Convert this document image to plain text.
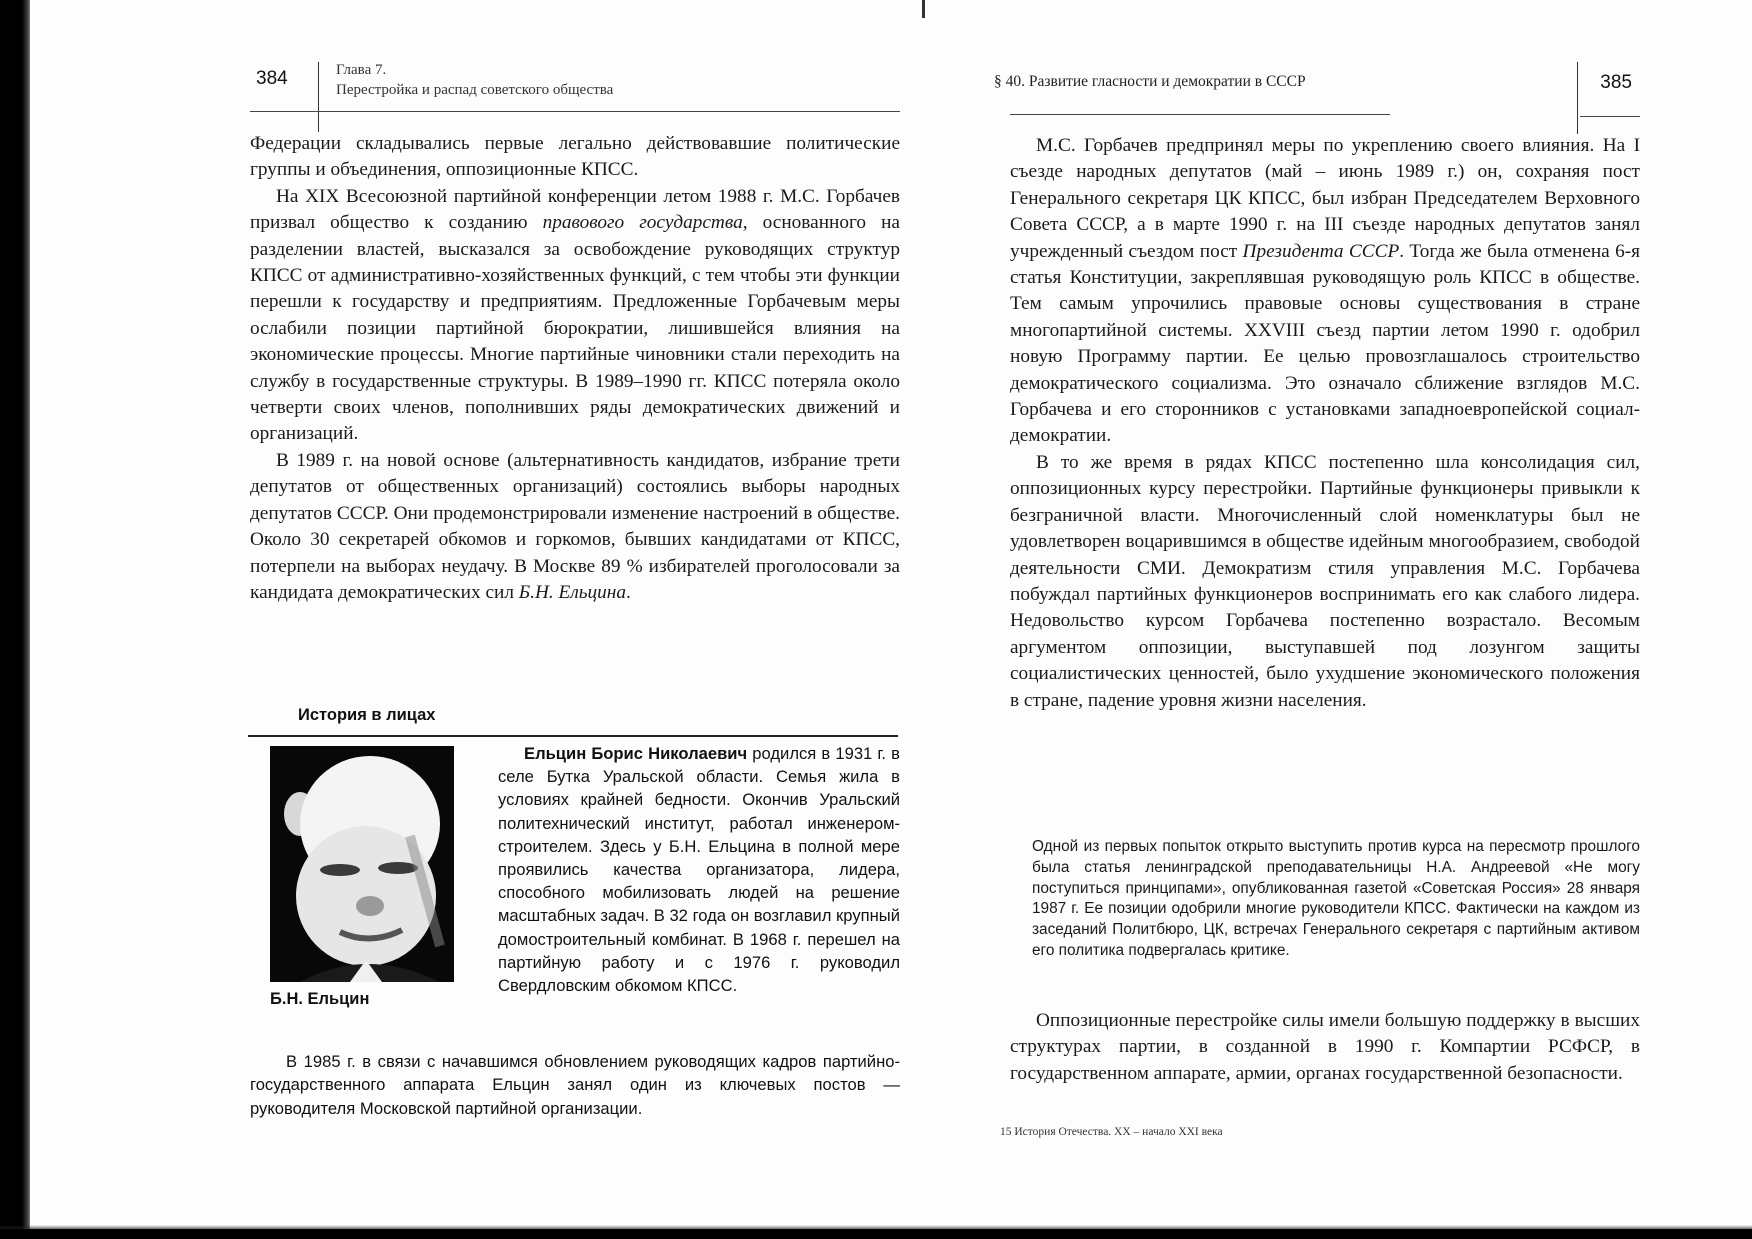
384	Глава 7.
Перестройка и распад советского общества

Федерации складывались первые легально действовавшие политические группы и объединения, оппозиционные КПСС.

На XIX Всесоюзной партийной конференции летом 1988 г. М.С. Горбачев призвал общество к созданию правового государства, основанного на разделении властей, высказался за освобождение руководящих структур КПСС от административно-хозяйственных функций, с тем чтобы эти функции перешли к государству и предприятиям. Предложенные Горбачевым меры ослабили позиции партийной бюрократии, лишившейся влияния на экономические процессы. Многие партийные чиновники стали переходить на службу в государственные структуры. В 1989–1990 гг. КПСС потеряла около четверти своих членов, пополнивших ряды демократических движений и организаций.

В 1989 г. на новой основе (альтернативность кандидатов, избрание трети депутатов от общественных организаций) состоялись выборы народных депутатов СССР. Они продемонстрировали изменение настроений в обществе. Около 30 секретарей обкомов и горкомов, бывших кандидатами от КПСС, потерпели на выборах неудачу. В Москве 89 % избирателей проголосовали за кандидата демократических сил Б.Н. Ельцина.

История в лицах
Б.Н. Ельцин

Ельцин Борис Николаевич родился в 1931 г. в селе Бутка Уральской области. Семья жила в условиях крайней бедности. Окончив Уральский политехнический институт, работал инженером-строителем. Здесь у Б.Н. Ельцина в полной мере проявились качества организатора, лидера, способного мобилизовать людей на решение масштабных задач. В 32 года он возглавил крупный домостроительный комбинат. В 1968 г. перешел на партийную работу и с 1976 г. руководил Свердловским обкомом КПСС.

В 1985 г. в связи с начавшимся обновлением руководящих кадров партийно-государственного аппарата Ельцин занял один из ключевых постов — руководителя Московской партийной организации.

§ 40. Развитие гласности и демократии в СССР	385

М.С. Горбачев предпринял меры по укреплению своего влияния. На I съезде народных депутатов (май – июнь 1989 г.) он, сохраняя пост Генерального секретаря ЦК КПСС, был избран Председателем Верховного Совета СССР, а в марте 1990 г. на III съезде народных депутатов занял учрежденный съездом пост Президента СССР. Тогда же была отменена 6-я статья Конституции, закреплявшая руководящую роль КПСС в обществе. Тем самым упрочились правовые основы существования в стране многопартийной системы. XXVIII съезд партии летом 1990 г. одобрил новую Программу партии. Ее целью провозглашалось строительство демократического социализма. Это означало сближение взглядов М.С. Горбачева и его сторонников с установками западноевропейской социал-демократии.

В то же время в рядах КПСС постепенно шла консолидация сил, оппозиционных курсу перестройки. Партийные функционеры привыкли к безграничной власти. Многочисленный слой номенклатуры был не удовлетворен воцарившимся в обществе идейным многообразием, свободой деятельности СМИ. Демократизм стиля управления М.С. Горбачева побуждал партийных функционеров воспринимать его как слабого лидера. Недовольство курсом Горбачева постепенно возрастало. Весомым аргументом оппозиции, выступавшей под лозунгом защиты социалистических ценностей, было ухудшение экономического положения в стране, падение уровня жизни населения.

Одной из первых попыток открыто выступить против курса на пересмотр прошлого была статья ленинградской преподавательницы Н.А. Андреевой «Не могу поступиться принципами», опубликованная газетой «Советская Россия» 28 января 1987 г. Ее позиции одобрили многие руководители КПСС. Фактически на каждом из заседаний Политбюро, ЦК, встречах Генерального секретаря с партийным активом его политика подвергалась критике.

Оппозиционные перестройке силы имели большую поддержку в высших структурах партии, в созданной в 1990 г. Компартии РСФСР, в государственном аппарате, армии, органах государственной безопасности.

15 История Отечества. XX – начало XXI века
